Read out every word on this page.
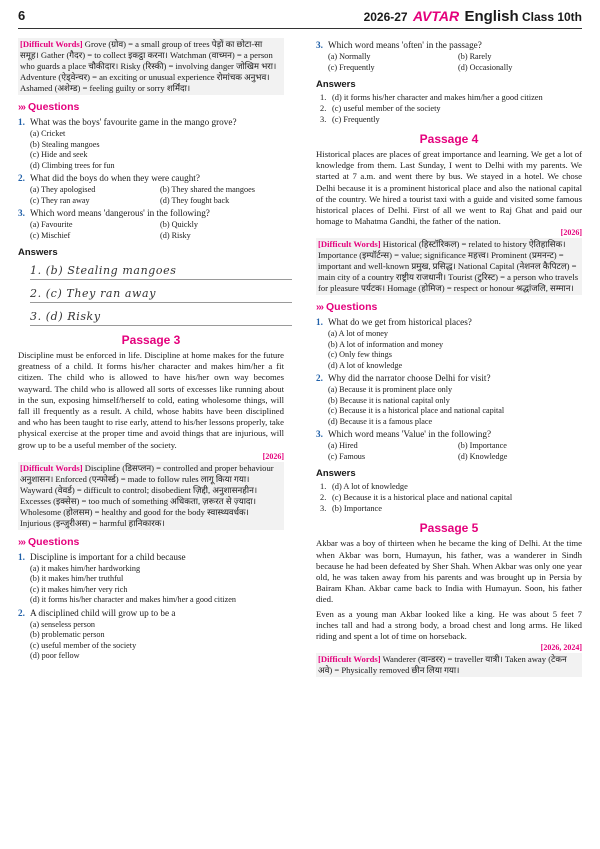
6	2026-27 AVTAR English Class 10th
[Difficult Words] Grove (ग्रोव) = a small group of trees पेड़ों का छोटा-सा समूह। Gather (गैदर) = to collect इकट्ठा करना। Watchman (वाच्मन) = a person who guards a place चौकीदार। Risky (रिस्की) = involving danger जोखिम भरा। Adventure (ऐड्वेन्चर) = an exciting or unusual experience रोमांचक अनुभव। Ashamed (अशेम्ड) = feeling guilty or sorry शर्मिंदा।
››› Questions
1. What was the boys' favourite game in the mango grove?
(a) Cricket
(b) Stealing mangoes
(c) Hide and seek
(d) Climbing trees for fun
2. What did the boys do when they were caught?
(a) They apologised	(b) They shared the mangoes
(c) They ran away	(d) They fought back
3. Which word means 'dangerous' in the following?
(a) Favourite	(b) Quickly
(c) Mischief	(d) Risky
Answers
1. (b) Stealing mangoes
2. (c) They ran away
3. (d) Risky
Passage 3
Discipline must be enforced in life. Discipline at home makes for the future greatness of a child. It forms his/her character and makes him/her a fit citizen. The child who is allowed to have his/her own way becomes wayward. The child who is allowed all sorts of excesses like running about in the sun, exposing himself/herself to cold, eating wholesome things, will fall ill frequently as a result. A child, whose habits have been disciplined and who has been taught to rise early, attend to his/her lessons properly, take physical exercise at the proper time and avoid things that are injurious, will grow up to be a useful member of the society.
[2026]
[Difficult Words] Discipline (डिसप्लन) = controlled and proper behaviour अनुशासन। Enforced (एन्फोर्स्ड) = made to follow rules लागू किया गया। Wayward (वेवर्ड) = difficult to control; disobedient ज़िद्दी, अनुशासनहीन। Excesses (इक्सेस) = too much of something अधिकता, ज़रूरत से ज़्यादा। Wholesome (होलसम) = healthy and good for the body स्वास्थ्यवर्धक। Injurious (इन्जुरीअस) = harmful हानिकारक।
››› Questions
1. Discipline is important for a child because
(a) it makes him/her hardworking
(b) it makes him/her truthful
(c) it makes him/her very rich
(d) it forms his/her character and makes him/her a good citizen
2. A disciplined child will grow up to be a
(a) senseless person
(b) problematic person
(c) useful member of the society
(d) poor fellow
3. Which word means 'often' in the passage?
(a) Normally	(b) Rarely
(c) Frequently	(d) Occasionally
Answers
1. (d) it forms his/her character and makes him/her a good citizen
2. (c) useful member of the society
3. (c) Frequently
Passage 4
Historical places are places of great importance and learning. We get a lot of knowledge from them. Last Sunday, I went to Delhi with my parents. We started at 7 a.m. and went there by bus. We stayed in a hotel. We chose Delhi because it is a prominent historical place and also the national capital of the country. We hired a tourist taxi with a guide and visited some famous historical places of Delhi. First of all we went to Raj Ghat and paid our homage to Mahatma Gandhi, the father of the nation.
[2026]
[Difficult Words] Historical (हिस्टॉरिकल) = related to history ऐतिहासिक। Importance (इम्पॉर्टन्स) = value; significance महत्त्व। Prominent (प्रमनन्ट) = important and well-known प्रमुख, प्रसिद्ध। National Capital (नेशनल कैपिटल) = main city of a country राष्ट्रीय राजधानी। Tourist (टुरिस्ट) = a person who travels for pleasure पर्यटक। Homage (होमिज) = respect or honour श्रद्धांजलि, सम्मान।
››› Questions
1. What do we get from historical places?
(a) A lot of money
(b) A lot of information and money
(c) Only few things
(d) A lot of knowledge
2. Why did the narrator choose Delhi for visit?
(a) Because it is prominent place only
(b) Because it is national capital only
(c) Because it is a historical place and national capital
(d) Because it is a famous place
3. Which word means 'Value' in the following?
(a) Hired	(b) Importance
(c) Famous	(d) Knowledge
Answers
1. (d) A lot of knowledge
2. (c) Because it is a historical place and national capital
3. (b) Importance
Passage 5
Akbar was a boy of thirteen when he became the king of Delhi. At the time when Akbar was born, Humayun, his father, was a wanderer in Sindh because he had been defeated by Sher Shah. When Akbar was only one year old, he was taken away from his parents and was brought up in Persia by Bairam Khan. Akbar came back to India with Humayun. Soon, his father died.
Even as a young man Akbar looked like a king. He was about 5 feet 7 inches tall and had a strong body, a broad chest and long arms. He liked riding and spent a lot of time on horseback.
[2026, 2024]
[Difficult Words] Wanderer (वान्डरर) = traveller यात्री। Taken away (टेकन अवे) = Physically removed छीन लिया गया।
